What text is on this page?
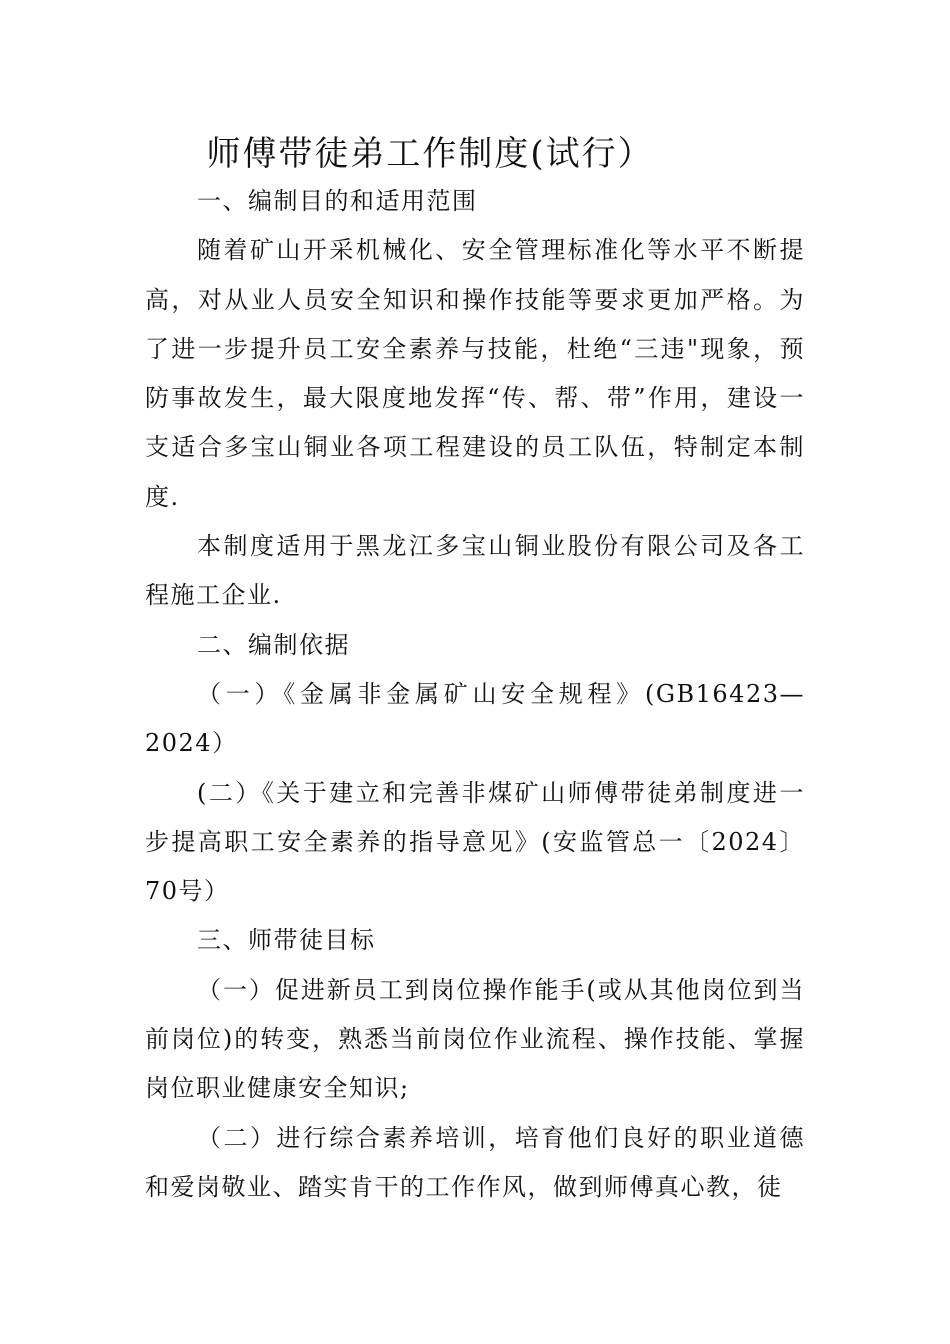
师傅带徒弟工作制度(试行）

一、编制目的和适用范围

随着矿山开采机械化、安全管理标准化等水平不断提高，对从业人员安全知识和操作技能等要求更加严格。为了进一步提升员工安全素养与技能，杜绝“三违"现象，预防事故发生，最大限度地发挥“传、帮、带”作用，建设一支适合多宝山铜业各项工程建设的员工队伍，特制定本制度.

本制度适用于黑龙江多宝山铜业股份有限公司及各工程施工企业.

二、编制依据

（一）《金属非金属矿山安全规程》(GB16423—2024）

(二）《关于建立和完善非煤矿山师傅带徒弟制度进一步提高职工安全素养的指导意见》(安监管总一〔2024〕70号）

三、师带徒目标

（一）促进新员工到岗位操作能手(或从其他岗位到当前岗位)的转变，熟悉当前岗位作业流程、操作技能、掌握岗位职业健康安全知识;

（二）进行综合素养培训，培育他们良好的职业道德和爱岗敬业、踏实肯干的工作作风，做到师傅真心教，徒
